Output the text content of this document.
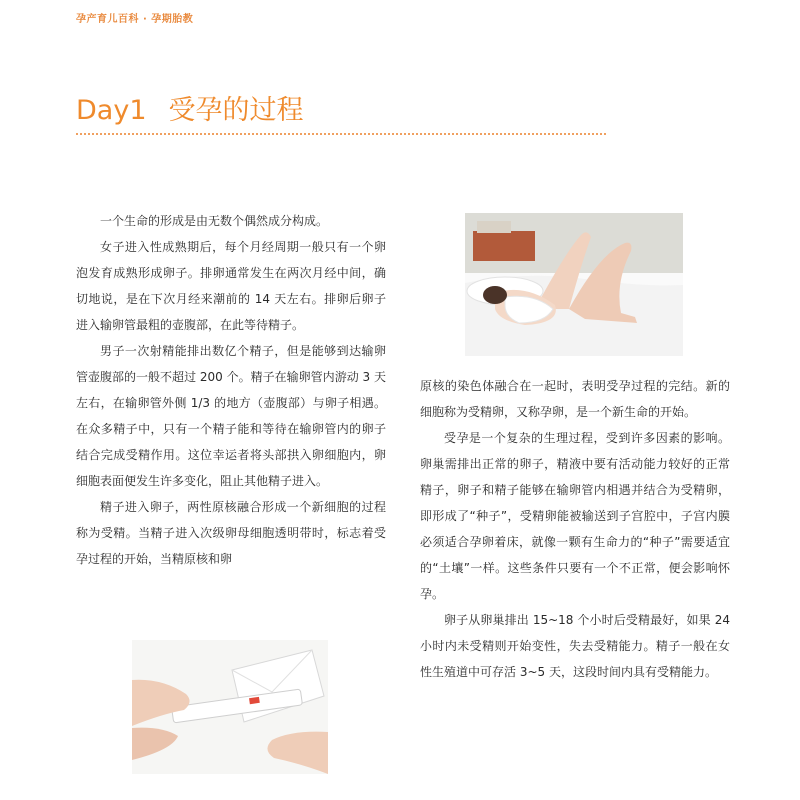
孕产育儿百科 · 孕期胎教
Day1 受孕的过程

一个生命的形成是由无数个偶然成分构成。

女子进入性成熟期后，每个月经周期一般只有一个卵泡发育成熟形成卵子。排卵通常发生在两次月经中间，确切地说，是在下次月经来潮前的 14 天左右。排卵后卵子进入输卵管最粗的壶腹部，在此等待精子。

男子一次射精能排出数亿个精子，但是能够到达输卵管壶腹部的一般不超过 200 个。精子在输卵管内游动 3 天左右，在输卵管外侧 1/3 的地方（壶腹部）与卵子相遇。在众多精子中，只有一个精子能和等待在输卵管内的卵子结合完成受精作用。这位幸运者将头部拱入卵细胞内，卵细胞表面便发生许多变化，阻止其他精子进入。

精子进入卵子，两性原核融合形成一个新细胞的过程称为受精。当精子进入次级卵母细胞透明带时，标志着受孕过程的开始，当精原核和卵

原核的染色体融合在一起时，表明受孕过程的完结。新的细胞称为受精卵，又称孕卵，是一个新生命的开始。

受孕是一个复杂的生理过程，受到许多因素的影响。卵巢需排出正常的卵子，精液中要有活动能力较好的正常精子，卵子和精子能够在输卵管内相遇并结合为受精卵，即形成了“种子”，受精卵能被输送到子宫腔中，子宫内膜必须适合孕卵着床，就像一颗有生命力的“种子”需要适宜的“土壤”一样。这些条件只要有一个不正常，便会影响怀孕。

卵子从卵巢排出 15~18 个小时后受精最好，如果 24 小时内未受精则开始变性，失去受精能力。精子一般在女性生殖道中可存活 3~5 天，这段时间内具有受精能力。
